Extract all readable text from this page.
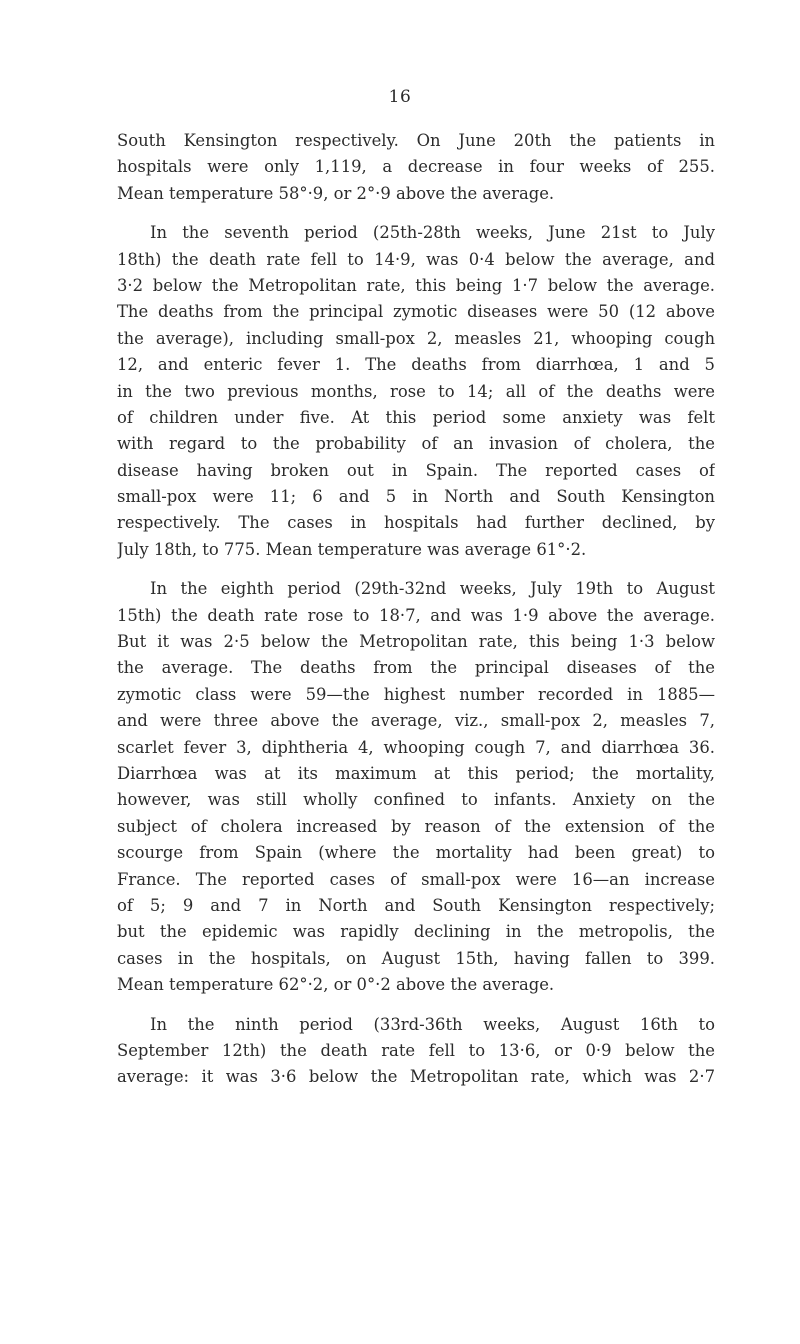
16
South Kensington respectively. On June 20th the patients in
hospitals were only 1,119, a decrease in four weeks of 255.
Mean temperature 58°·9, or 2°·9 above the average.
In the seventh period (25th-28th weeks, June 21st to July
18th) the death rate fell to 14·9, was 0·4 below the average, and
3·2 below the Metropolitan rate, this being 1·7 below the average.
The deaths from the principal zymotic diseases were 50 (12 above
the average), including small-pox 2, measles 21, whooping cough
12, and enteric fever 1. The deaths from diarrhœa, 1 and 5
in the two previous months, rose to 14; all of the deaths were
of children under five. At this period some anxiety was felt
with regard to the probability of an invasion of cholera, the
disease having broken out in Spain. The reported cases of
small-pox were 11; 6 and 5 in North and South Kensington
respectively. The cases in hospitals had further declined, by
July 18th, to 775. Mean temperature was average 61°·2.
In the eighth period (29th-32nd weeks, July 19th to August
15th) the death rate rose to 18·7, and was 1·9 above the average.
But it was 2·5 below the Metropolitan rate, this being 1·3 below
the average. The deaths from the principal diseases of the
zymotic class were 59—the highest number recorded in 1885—
and were three above the average, viz., small-pox 2, measles 7,
scarlet fever 3, diphtheria 4, whooping cough 7, and diarrhœa 36.
Diarrhœa was at its maximum at this period; the mortality,
however, was still wholly confined to infants. Anxiety on the
subject of cholera increased by reason of the extension of the
scourge from Spain (where the mortality had been great) to
France. The reported cases of small-pox were 16—an increase
of 5; 9 and 7 in North and South Kensington respectively;
but the epidemic was rapidly declining in the metropolis, the
cases in the hospitals, on August 15th, having fallen to 399.
Mean temperature 62°·2, or 0°·2 above the average.
In the ninth period (33rd-36th weeks, August 16th to
September 12th) the death rate fell to 13·6, or 0·9 below the
average: it was 3·6 below the Metropolitan rate, which was 2·7
